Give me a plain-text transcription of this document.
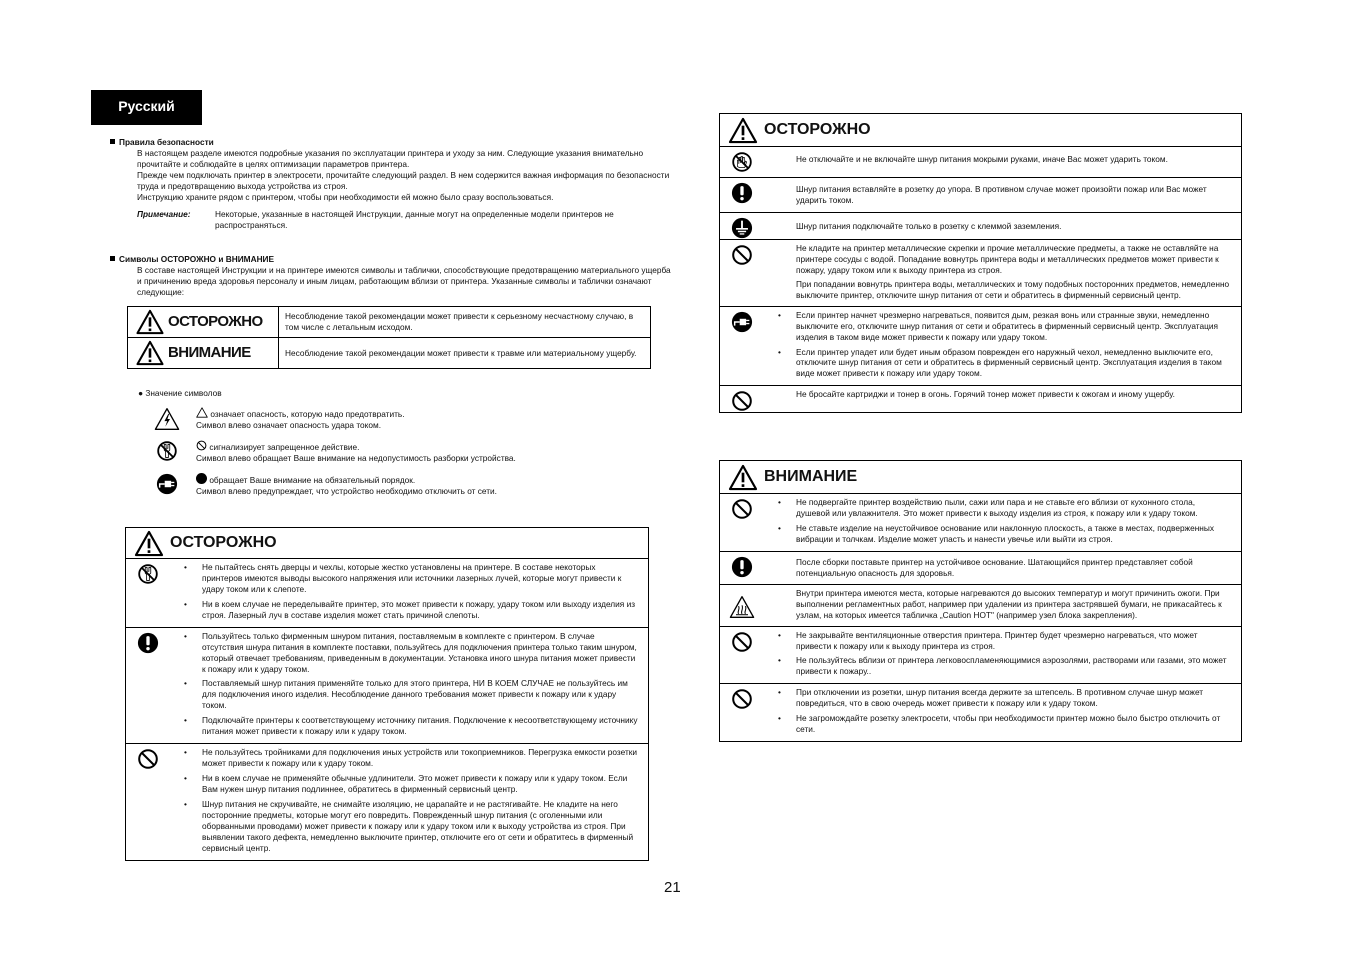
Русский
Правила безопасности
В настоящем разделе имеются подробные указания по эксплуатации принтера и уходу за ним. Следующие указания внимательно прочитайте и соблюдайте в целях оптимизации параметров принтера.
Прежде чем подключать принтер в электросети, прочитайте следующий раздел. В нем содержится важная информация по безопасности труда и предотвращению выхода устройства из строя.
Инструкцию храните рядом с принтером, чтобы при необходимости ей можно было сразу воспользоваться.
Примечание:	Некоторые, указанные в настоящей Инструкции, данные могут на определенные модели принтеров не распространяться.
Символы ОСТОРОЖНО и ВНИМАНИЕ
В составе настоящей Инструкции и на принтере имеются символы и таблички, способствующие предотвращению материального ущерба и причинению вреда здоровья персоналу и иным лицам, работающим вблизи от принтера. Указанные символы и таблички означают следующие:
ОСТОРОЖНО	Несоблюдение такой рекомендации может привести к серьезному несчастному случаю, в том числе с летальным исходом.

ВНИМАНИЕ	Несоблюдение такой рекомендации может привести к травме или материальному ущербу.
● Значение символов
означает опасность, которую надо предотвратить.
Символ влево означает опасность удара током.
сигнализирует запрещенное действие.
Символ влево обращает Ваше внимание на недопустимость разборки устройства.
обращает Ваше внимание на обязательный порядок.
Символ влево предупреждает, что устройство необходимо отключить от сети.
ОСТОРОЖНО
• Не пытайтесь снять дверцы и чехлы, которые жестко установлены на принтере. В составе некоторых принтеров имеются выводы высокого напряжения или источники лазерных лучей, которые могут привести к удару током или к слепоте.
• Ни в коем случае не переделывайте принтер, это может привести к пожару, удару током или выходу изделия из строя. Лазерный луч в составе изделия может стать причиной слепоты.
• Пользуйтесь только фирменным шнуром питания, поставляемым в комплекте с принтером. В случае отсутствия шнура питания в комплекте поставки, пользуйтесь для подключения принтера только таким шнуром, который отвечает требованиям, приведенным в документации. Установка иного шнура питания может привести к пожару или к удару током.
• Поставляемый шнур питания применяйте только для этого принтера, НИ В КОЕМ СЛУЧАЕ не пользуйтесь им для подключения иного изделия. Несоблюдение данного требования может привести к пожару или к удару током.
• Подключайте принтеры к соответствующему источнику питания. Подключение к несоответствующему источнику питания может привести к пожару или к удару током.
• Не пользуйтесь тройниками для подключения иных устройств или токоприемников. Перегрузка емкости розетки может привести к пожару или к удару током.
• Ни в коем случае не применяйте обычные удлинители. Это может привести к пожару или к удару током. Если Вам нужен шнур питания подлиннее, обратитесь в фирменный сервисный центр.
• Шнур питания не скручивайте, не снимайте изоляцию, не царапайте и не растягивайте. Не кладите на него посторонние предметы, которые могут его повредить. Поврежденный шнур питания (с оголенными или оборванными проводами) может привести к пожару или к удару током или к выходу устройства из строя. При выявлении такого дефекта, немедленно выключите принтер, отключите его от сети и обратитесь в фирменный сервисный центр.
ОСТОРОЖНО

Не отключайте и не включайте шнур питания мокрыми руками, иначе Вас может ударить током.

Шнур питания вставляйте в розетку до упора. В противном случае может произойти пожар или Вас может ударить током.

Шнур питания подключайте только в розетку с клеммой заземления.

Не кладите на принтер металлические скрепки и прочие металлические предметы, а также не оставляйте на принтере сосуды с водой. Попадание вовнутрь принтера воды и металлических предметов может привести к пожару, удару током или к выходу принтера из строя.

При попадании вовнутрь принтера воды, металлических и тому подобных посторонних предметов, немедленно выключите принтер, отключите шнур питания от сети и обратитесь в фирменный сервисный центр.

• Если принтер начнет чрезмерно нагреваться, появится дым, резкая вонь или странные звуки, немедленно выключите его, отключите шнур питания от сети и обратитесь в фирменный сервисный центр. Эксплуатация изделия в таком виде может привести к пожару или удару током.
• Если принтер упадет или будет иным образом поврежден его наружный чехол, немедленно выключите его, отключите шнур питания от сети и обратитесь в фирменный сервисный центр. Эксплуатация изделия в таком виде может привести к пожару или удару током.

Не бросайте картриджи и тонер в огонь. Горячий тонер может привести к ожогам и иному ущербу.

ВНИМАНИЕ
• Не подвергайте принтер воздействию пыли, сажи или пара и не ставьте его вблизи от кухонного стола, душевой или увлажнителя. Это может привести к выходу изделия из строя, к пожару или к удару током.
• Не ставьте изделие на неустойчивое основание или наклонную плоскость, а также в местах, подверженных вибрации и толчкам. Изделие может упасть и нанести увечье или выйти из строя.

После сборки поставьте принтер на устойчивое основание. Шатающийся принтер представляет собой потенциальную опасность для здоровья.

Внутри принтера имеются места, которые нагреваются до высоких температур и могут причинить ожоги. При выполнении регламентных работ, например при удалении из принтера застрявшей бумаги, не прикасайтесь к узлам, на которых имеется табличка „Caution HOT" (например узел блока закрепления).

• Не закрывайте вентиляционные отверстия принтера. Принтер будет чрезмерно нагреваться, что может привести к пожару или к выходу принтера из строя.
• Не пользуйтесь вблизи от принтера легковоспламеняющимися аэрозолями, растворами или газами, это может привести к пожару..
• При отключении из розетки, шнур питания всегда держите за штепсель. В противном случае шнур может повредиться, что в свою очередь может привести к пожару или к удару током.
• Не загромождайте розетку электросети, чтобы при необходимости принтер можно было быстро отключить от сети.
21
